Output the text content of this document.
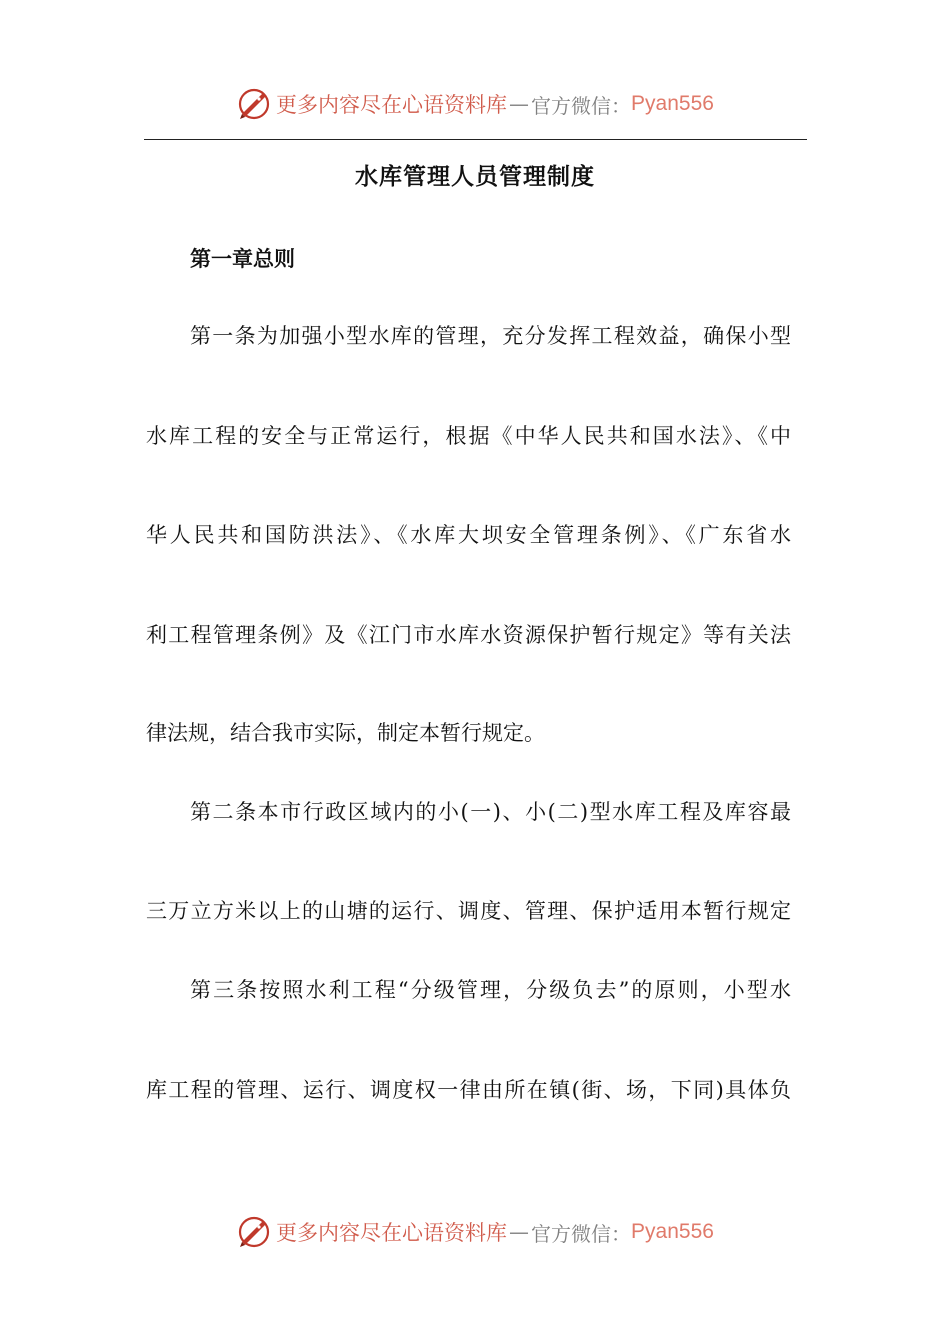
更多内容尽在心语资料库 — 官方微信： Pyan556
水库管理人员管理制度
第一章总则
第一条为加强小型水库的管理，充分发挥工程效益，确保小型
水库工程的安全与正常运行，根据《中华人民共和国水法》、《中
华人民共和国防洪法》、《水库大坝安全管理条例》、《广东省水
利工程管理条例》及《江门市水库水资源保护暂行规定》等有关法
律法规，结合我市实际，制定本暂行规定。
第二条本市行政区域内的小(一)、小(二)型水库工程及库容最
三万立方米以上的山塘的运行、调度、管理、保护适用本暂行规定
第三条按照水利工程“分级管理，分级负去”的原则，小型水
库工程的管理、运行、调度权一律由所在镇(街、场，下同)具体负
更多内容尽在心语资料库 — 官方微信： Pyan556
